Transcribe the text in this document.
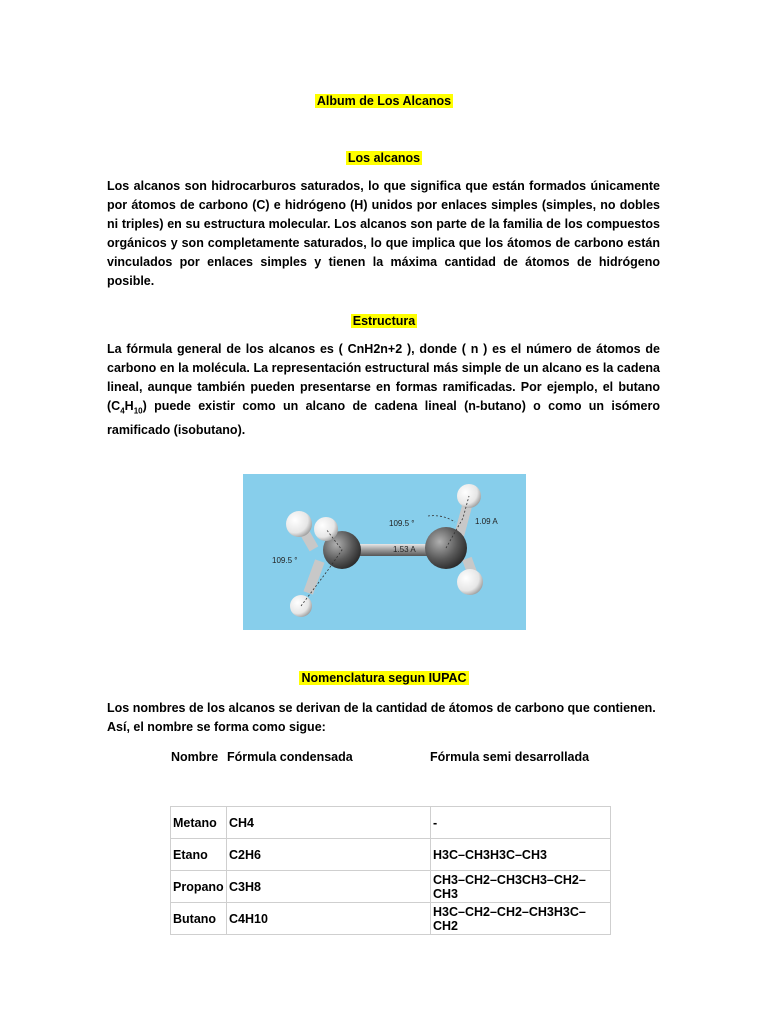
Album de Los Alcanos
Los alcanos
Los alcanos son hidrocarburos saturados, lo que significa que están formados únicamente por átomos de carbono (C) e hidrógeno (H) unidos por enlaces simples (simples, no dobles ni triples) en su estructura molecular. Los alcanos son parte de la familia de los compuestos orgánicos y son completamente saturados, lo que implica que los átomos de carbono están vinculados por enlaces simples y tienen la máxima cantidad de átomos de hidrógeno posible.
Estructura
La fórmula general de los alcanos es ( CnH2n+2 ), donde ( n ) es el número de átomos de carbono en la molécula. La representación estructural más simple de un alcano es la cadena lineal, aunque también pueden presentarse en formas ramificadas. Por ejemplo, el butano $(C_4H_{10})$ puede existir como un alcano de cadena lineal (n-butano) o como un isómero ramificado (isobutano).
109.5 °
109.5 °
1.53 A
1.09 A
Nomenclatura segun IUPAC
Los nombres de los alcanos se derivan de la cantidad de átomos de carbono que contienen. Así, el nombre se forma como sigue:
Nombre Fórmula condensada	Fórmula semi desarrollada
Metano	CH4	-
Etano	C2H6	H3C–CH3H3C–CH3
Propano	C3H8	CH3–CH2–CH3CH3–CH2–CH3
Butano	C4H10	H3C–CH2–CH2–CH3H3C–CH2
